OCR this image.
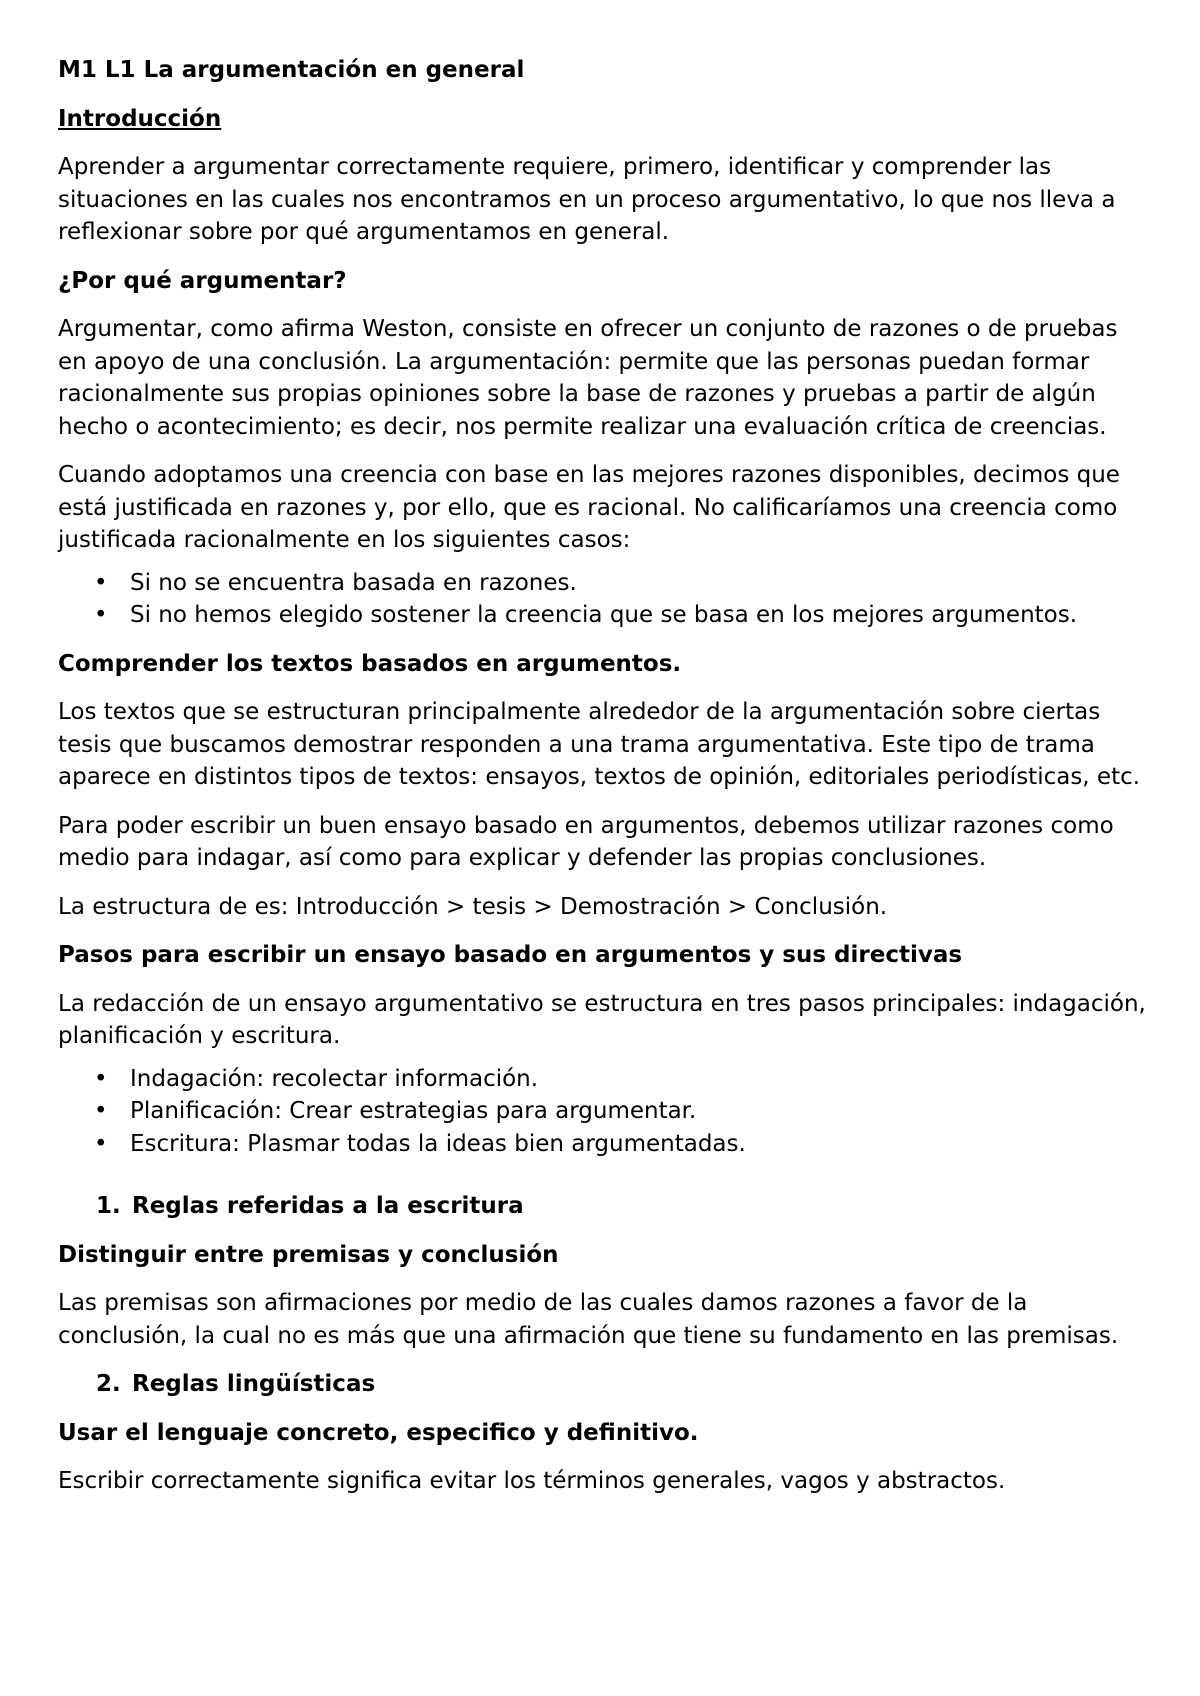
M1 L1 La argumentación en general

Introducción

Aprender a argumentar correctamente requiere, primero, identificar y comprender las situaciones en las cuales nos encontramos en un proceso argumentativo, lo que nos lleva a reflexionar sobre por qué argumentamos en general.

¿Por qué argumentar?

Argumentar, como afirma Weston, consiste en ofrecer un conjunto de razones o de pruebas en apoyo de una conclusión. La argumentación: permite que las personas puedan formar racionalmente sus propias opiniones sobre la base de razones y pruebas a partir de algún hecho o acontecimiento; es decir, nos permite realizar una evaluación crítica de creencias.

Cuando adoptamos una creencia con base en las mejores razones disponibles, decimos que está justificada en razones y, por ello, que es racional. No calificaríamos una creencia como justificada racionalmente en los siguientes casos:

• Si no se encuentra basada en razones.
• Si no hemos elegido sostener la creencia que se basa en los mejores argumentos.

Comprender los textos basados en argumentos.

Los textos que se estructuran principalmente alrededor de la argumentación sobre ciertas tesis que buscamos demostrar responden a una trama argumentativa. Este tipo de trama aparece en distintos tipos de textos: ensayos, textos de opinión, editoriales periodísticas, etc.

Para poder escribir un buen ensayo basado en argumentos, debemos utilizar razones como medio para indagar, así como para explicar y defender las propias conclusiones.

La estructura de es: Introducción > tesis > Demostración > Conclusión.

Pasos para escribir un ensayo basado en argumentos y sus directivas

La redacción de un ensayo argumentativo se estructura en tres pasos principales: indagación, planificación y escritura.

• Indagación: recolectar información.
• Planificación: Crear estrategias para argumentar.
• Escritura: Plasmar todas la ideas bien argumentadas.

1. Reglas referidas a la escritura

Distinguir entre premisas y conclusión

Las premisas son afirmaciones por medio de las cuales damos razones a favor de la conclusión, la cual no es más que una afirmación que tiene su fundamento en las premisas.

2. Reglas lingüísticas

Usar el lenguaje concreto, especifico y definitivo.

Escribir correctamente significa evitar los términos generales, vagos y abstractos.
